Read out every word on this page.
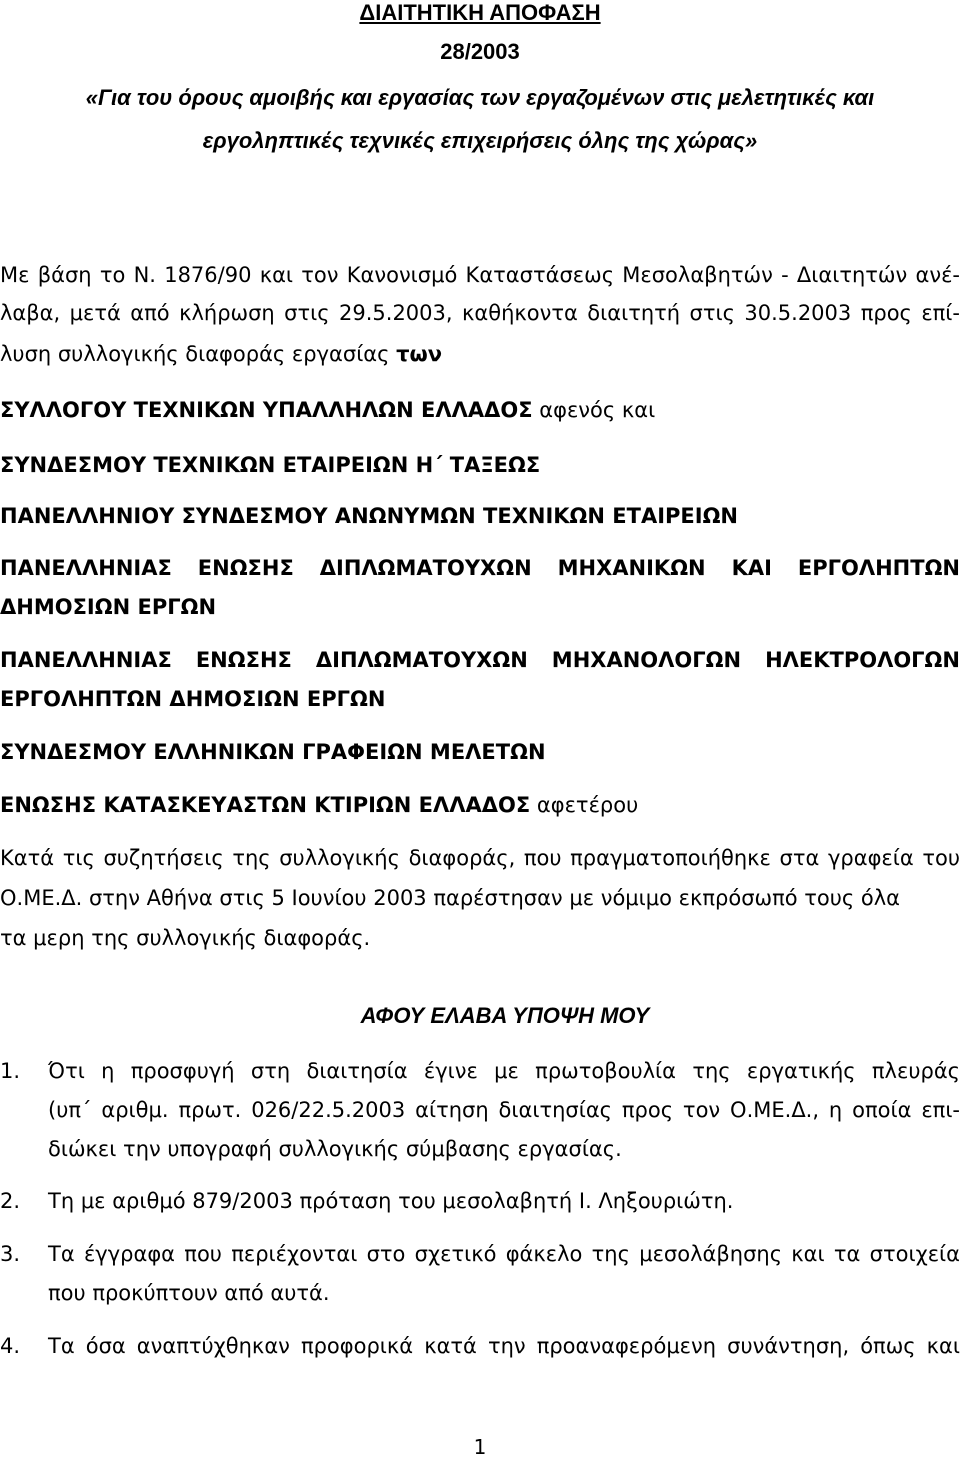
ΔΙΑΙΤΗΤΙΚΗ ΑΠΟΦΑΣΗ
28/2003
«Για του όρους αμοιβής και εργασίας των εργαζομένων στις μελετητικές και
εργοληπτικές τεχνικές επιχειρήσεις όλης της χώρας»
Με βάση το Ν. 1876/90 και τον Κανονισμό Καταστάσεως Μεσολαβητών - Διαιτητών ανέ-
λαβα, μετά από κλήρωση στις 29.5.2003, καθήκοντα διαιτητή στις 30.5.2003 προς επί-
λυση συλλογικής διαφοράς εργασίας των
ΣΥΛΛΟΓΟΥ ΤΕΧΝΙΚΩΝ ΥΠΑΛΛΗΛΩΝ ΕΛΛΑΔΟΣ αφενός και
ΣΥΝΔΕΣΜΟΥ ΤΕΧΝΙΚΩΝ ΕΤΑΙΡΕΙΩΝ Η΄ ΤΑΞΕΩΣ
ΠΑΝΕΛΛΗΝΙΟΥ ΣΥΝΔΕΣΜΟΥ ΑΝΩΝΥΜΩΝ ΤΕΧΝΙΚΩΝ ΕΤΑΙΡΕΙΩΝ
ΠΑΝΕΛΛΗΝΙΑΣ ΕΝΩΣΗΣ ΔΙΠΛΩΜΑΤΟΥΧΩΝ ΜΗΧΑΝΙΚΩΝ ΚΑΙ ΕΡΓΟΛΗΠΤΩΝ
ΔΗΜΟΣΙΩΝ ΕΡΓΩΝ
ΠΑΝΕΛΛΗΝΙΑΣ ΕΝΩΣΗΣ ΔΙΠΛΩΜΑΤΟΥΧΩΝ ΜΗΧΑΝΟΛΟΓΩΝ ΗΛΕΚΤΡΟΛΟΓΩΝ
ΕΡΓΟΛΗΠΤΩΝ ΔΗΜΟΣΙΩΝ ΕΡΓΩΝ
ΣΥΝΔΕΣΜΟΥ ΕΛΛΗΝΙΚΩΝ ΓΡΑΦΕΙΩΝ ΜΕΛΕΤΩΝ
ΕΝΩΣΗΣ ΚΑΤΑΣΚΕΥΑΣΤΩΝ ΚΤΙΡΙΩΝ ΕΛΛΑΔΟΣ αφετέρου
Κατά τις συζητήσεις της συλλογικής διαφοράς, που πραγματοποιήθηκε στα γραφεία του
Ο.ΜΕ.Δ. στην Αθήνα στις 5 Ιουνίου 2003 παρέστησαν με νόμιμο εκπρόσωπό τους όλα
τα μερη της συλλογικής διαφοράς.
ΑΦΟΥ ΕΛΑΒΑ ΥΠΟΨΗ ΜΟΥ
1.	Ότι η προσφυγή στη διαιτησία έγινε με πρωτοβουλία της εργατικής πλευράς
(υπ΄ αριθμ. πρωτ. 026/22.5.2003 αίτηση διαιτησίας προς τον Ο.ΜΕ.Δ., η οποία επι-
διώκει την υπογραφή συλλογικής σύμβασης εργασίας.
2.	Τη με αριθμό 879/2003 πρόταση του μεσολαβητή Ι. Ληξουριώτη.
3.	Τα έγγραφα που περιέχονται στο σχετικό φάκελο της μεσολάβησης και τα στοιχεία
που προκύπτουν από αυτά.
4.	Τα όσα αναπτύχθηκαν προφορικά κατά την προαναφερόμενη συνάντηση, όπως και
1
